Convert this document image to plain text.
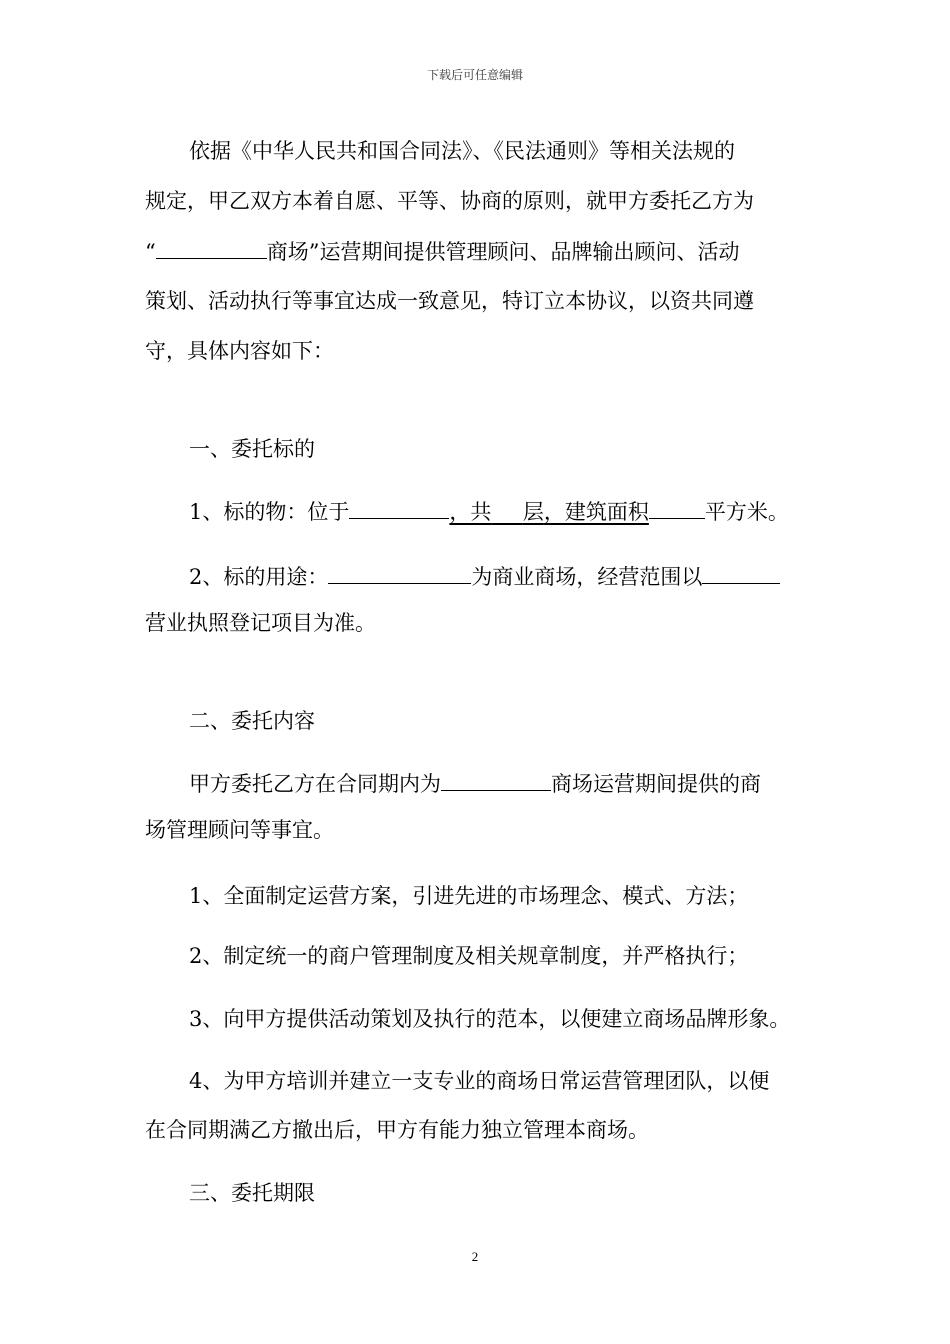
下载后可任意编辑
依据《中华人民共和国合同法》、《民法通则》等相关法规的
规定，甲乙双方本着自愿、平等、协商的原则，就甲方委托乙方为
“	商场”运营期间提供管理顾问、品牌输出顾问、活动
策划、活动执行等事宜达成一致意见，特订立本协议，以资共同遵
守，具体内容如下：
一、委托标的
1、标的物：位于	，共   层，建筑面积	平方米。
2、标的用途：	为商业商场，经营范围以
营业执照登记项目为准。
二、委托内容
甲方委托乙方在合同期内为	商场运营期间提供的商
场管理顾问等事宜。
1、全面制定运营方案，引进先进的市场理念、模式、方法；
2、制定统一的商户管理制度及相关规章制度，并严格执行；
3、向甲方提供活动策划及执行的范本，以便建立商场品牌形象。
4、为甲方培训并建立一支专业的商场日常运营管理团队，以便
在合同期满乙方撤出后，甲方有能力独立管理本商场。
三、委托期限
2
